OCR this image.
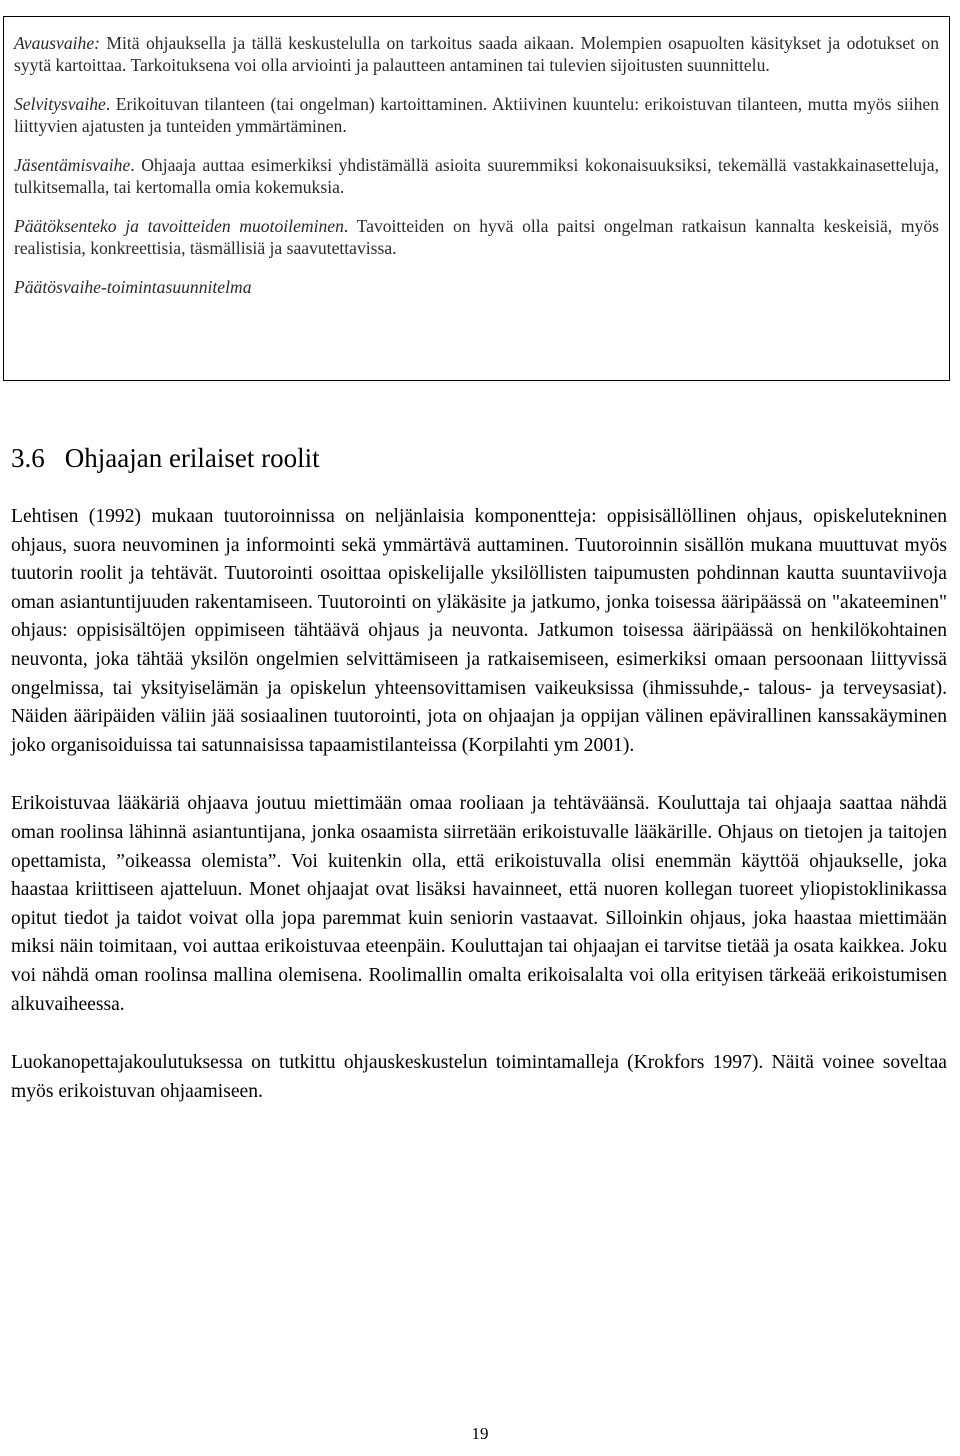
Avausvaihe: Mitä ohjauksella ja tällä keskustelulla on tarkoitus saada aikaan. Molempien osapuolten käsitykset ja odotukset on syytä kartoittaa. Tarkoituksena voi olla arviointi ja palautteen antaminen tai tulevien sijoitusten suunnittelu.

Selvitysvaihe. Erikoituvan tilanteen (tai ongelman) kartoittaminen. Aktiivinen kuuntelu: erikoistuvan tilanteen, mutta myös siihen liittyvien ajatusten ja tunteiden ymmärtäminen.

Jäsentämisvaihe. Ohjaaja auttaa esimerkiksi yhdistämällä asioita suuremmiksi kokonaisuuksiksi, tekemällä vastakkainasetteluja, tulkitsemalla, tai kertomalla omia kokemuksia.

Päätöksenteko ja tavoitteiden muotoileminen. Tavoitteiden on hyvä olla paitsi ongelman ratkaisun kannalta keskeisiä, myös realistisia, konkreettisia, täsmällisiä ja saavutettavissa.

Päätösvaihe-toimintasuunnitelma

3.6 Ohjaajan erilaiset roolit

Lehtisen (1992) mukaan tuutoroinnissa on neljänlaisia komponentteja: oppisisällöllinen ohjaus, opiskelutekninen ohjaus, suora neuvominen ja informointi sekä ymmärtävä auttaminen. Tuutoroinnin sisällön mukana muuttuvat myös tuutorin roolit ja tehtävät. Tuutorointi osoittaa opiskelijalle yksilöllisten taipumusten pohdinnan kautta suuntaviivoja oman asiantuntijuuden rakentamiseen. Tuutorointi on yläkäsite ja jatkumo, jonka toisessa ääripäässä on "akateeminen" ohjaus: oppisisältöjen oppimiseen tähtäävä ohjaus ja neuvonta. Jatkumon toisessa ääripäässä on henkilökohtainen neuvonta, joka tähtää yksilön ongelmien selvittämiseen ja ratkaisemiseen, esimerkiksi omaan persoonaan liittyvissä ongelmissa, tai yksityiselämän ja opiskelun yhteensovittamisen vaikeuksissa (ihmissuhde,- talous- ja terveysasiat). Näiden ääripäiden väliin jää sosiaalinen tuutorointi, jota on ohjaajan ja oppijan välinen epävirallinen kanssakäyminen joko organisoiduissa tai satunnaisissa tapaamistilanteissa (Korpilahti ym 2001).

Erikoistuvaa lääkäriä ohjaava joutuu miettimään omaa rooliaan ja tehtäväänsä. Kouluttaja tai ohjaaja saattaa nähdä oman roolinsa lähinnä asiantuntijana, jonka osaamista siirretään erikoistuvalle lääkärille. Ohjaus on tietojen ja taitojen opettamista, ”oikeassa olemista”. Voi kuitenkin olla, että erikoistuvalla olisi enemmän käyttöä ohjaukselle, joka haastaa kriittiseen ajatteluun. Monet ohjaajat ovat lisäksi havainneet, että nuoren kollegan tuoreet yliopistoklinikassa opitut tiedot ja taidot voivat olla jopa paremmat kuin seniorin vastaavat. Silloinkin ohjaus, joka haastaa miettimään miksi näin toimitaan, voi auttaa erikoistuvaa eteenpäin. Kouluttajan tai ohjaajan ei tarvitse tietää ja osata kaikkea. Joku voi nähdä oman roolinsa mallina olemisena. Roolimallin omalta erikoisalalta voi olla erityisen tärkeää erikoistumisen alkuvaiheessa.

Luokanopettajakoulutuksessa on tutkittu ohjauskeskustelun toimintamalleja (Krokfors 1997). Näitä voinee soveltaa myös erikoistuvan ohjaamiseen.

19
